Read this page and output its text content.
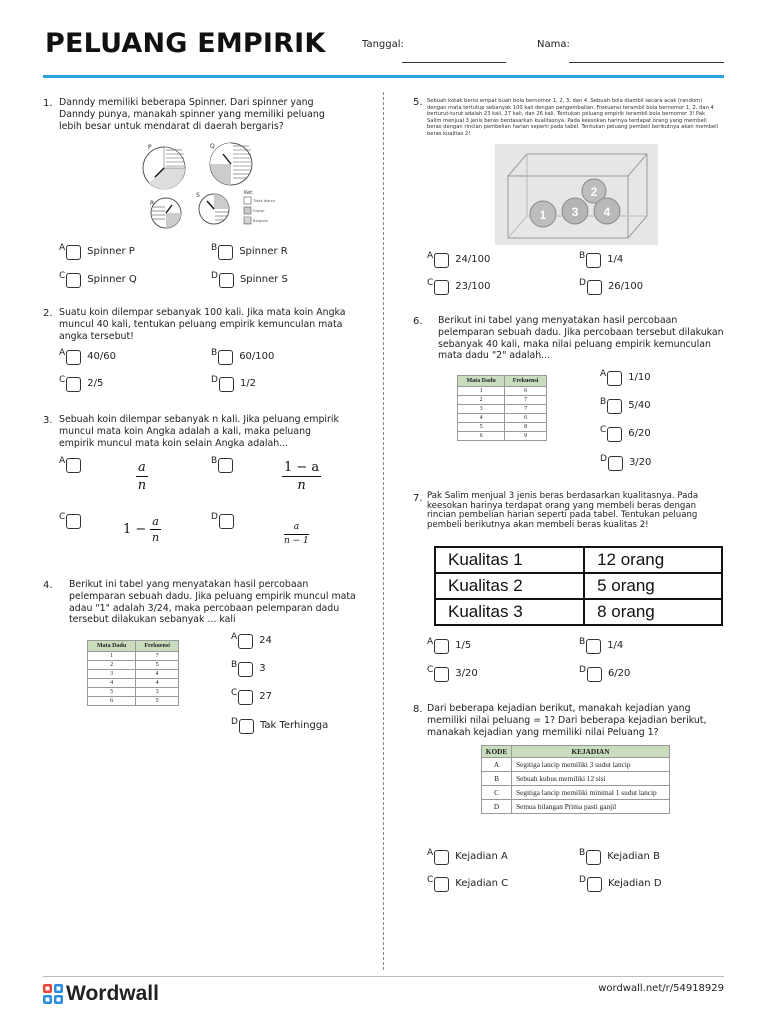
PELUANG EMPIRIK	Tanggal:	Nama:
1. Danndy memiliki beberapa Spinner. Dari spinner yang Danndy punya, manakah spinner yang memiliki peluang lebih besar untuk mendarat di daerah bergaris?
P	Q
R
S	Ket:
Tidak diarsir
Diarsir
Bergaris
A Spinner P	B Spinner R
C Spinner Q	D Spinner S
2. Suatu koin dilempar sebanyak 100 kali. Jika mata koin Angka muncul 40 kali, tentukan peluang empirik kemunculan mata angka tersebut!
A 40/60	B 60/100
C 2/5	D 1/2
3. Sebuah koin dilempar sebanyak n kali. Jika peluang empirik muncul mata koin Angka adalah a kali, maka peluang empirik muncul mata koin selain Angka adalah...
A	$\frac{a}{n}$	B	$\frac{1 - a}{n}$
C
$1 - \frac{a}{n}$	D
$\frac{a}{n - 1}$
4. Berikut ini tabel yang menyatakan hasil percobaan pelemparan sebuah dadu. Jika peluang empirik muncul mata adau "1" adalah 3/24, maka percobaan pelemparan dadu tersebut dilakukan sebanyak ... kali
Mata Dadu	Frekuensi
1	7
2	5
3	4
4	4
5	3
6	5
A 24
B 3
C 27
D Tak Terhingga
5. Sebuah kotak berisi empat buah bola bernomor 1, 2, 3, dan 4. Sebuah bola diambil secara acak (random) dengan mata tertutup sebanyak 100 kali dengan pengembalian. Frekuensi terambil bola bernomor 1, 2, dan 4 berturut-turut adalah 23 kali, 27 kali, dan 26 kali. Tentukan peluang empirik terambil bola bernomor 3! Pak Salim menjual 3 jenis beras berdasarkan kualitasnya. Pada keesokan harinya terdapat orang yang membeli beras dengan rincian pembelian harian seperti pada tabel. Tentukan peluang pembeli berikutnya akan membeli beras kualitas 2!
1
2
3 4
A 24/100	B 1/4
C 23/100	D 26/100
6. Berikut ini tabel yang menyatakan hasil percobaan pelemparan sebuah dadu. Jika percobaan tersebut dilakukan sebanyak 40 kali, maka nilai peluang empirik kemunculan mata dadu "2" adalah...
Mata Dadu	Frekuensi
1	6
2	7
3	7
4	6
5	8
6	9
A 1/10
B 5/40
C 6/20
D 3/20
7. Pak Salim menjual 3 jenis beras berdasarkan kualitasnya. Pada keesokan harinya terdapat orang yang membeli beras dengan rincian pembelian harian seperti pada tabel. Tentukan peluang pembeli berikutnya akan membeli beras kualitas 2!
Kualitas 1	12 orang
Kualitas 2	5 orang
Kualitas 3	8 orang
A 1/5	B 1/4
C 3/20	D 6/20
8. Dari beberapa kejadian berikut, manakah kejadian yang memiliki nilai peluang = 1? Dari beberapa kejadian berikut, manakah kejadian yang memiliki nilai Peluang 1?
KODE	KEJADIAN
A	Segitiga lancip memiliki 3 sudut lancip
B	Sebuah kubus memiliki 12 sisi
C	Segitiga lancip memiliki minimal 1 sudut lancip
D	Semua bilangan Prima pasti ganjil
A Kejadian A	B Kejadian B
C Kejadian C	D Kejadian D
Wordwall	wordwall.net/r/54918929
